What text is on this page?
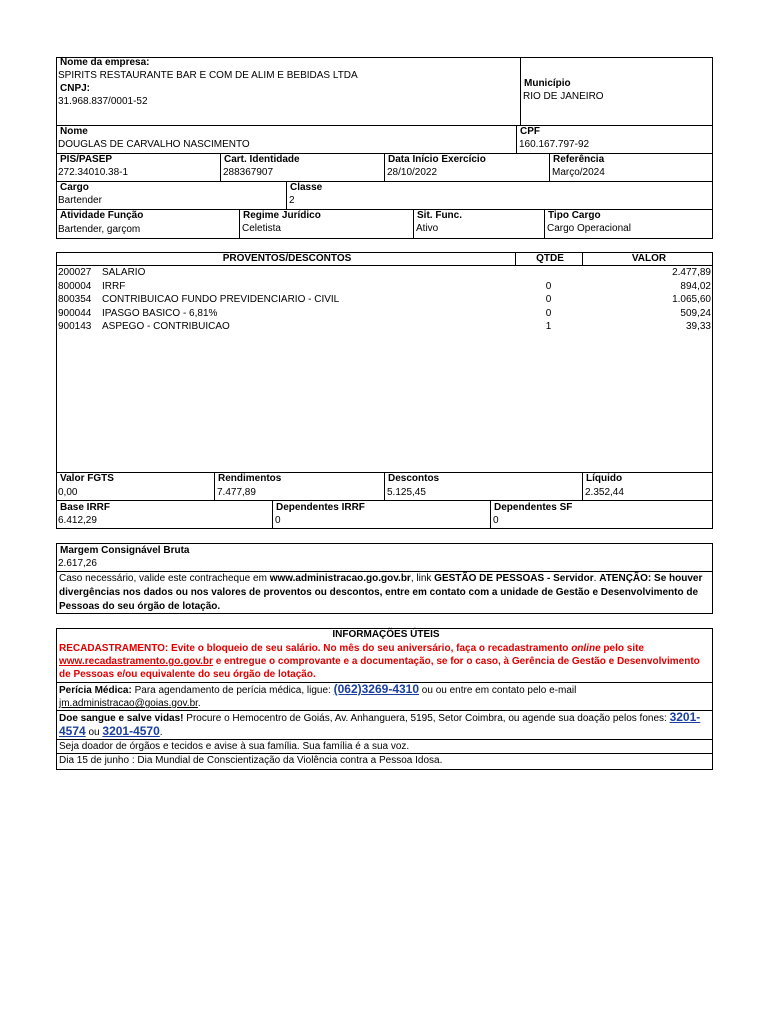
Nome da empresa:
SPIRITS RESTAURANTE BAR E COM DE ALIM E BEBIDAS LTDA
CNPJ:
31.968.837/0001-52
Município
RIO DE JANEIRO
Nome
DOUGLAS DE CARVALHO NASCIMENTO
CPF
160.167.797-92
PIS/PASEP
272.34010.38-1
Cart. Identidade
288367907
Data Início Exercício
28/10/2022
Referência
Março/2024
Cargo
Bartender
Classe
2
Atividade Função
Bartender, garçom
Regime Jurídico
Celetista
Sit. Func.
Ativo
Tipo Cargo
Cargo Operacional
PROVENTOS/DESCONTOS	QTDE	VALOR
200027	SALARIO		2.477,89
800004	IRRF	0	894,02
800354	CONTRIBUICAO FUNDO PREVIDENCIARIO - CIVIL	0	1.065,60
900044	IPASGO BASICO - 6,81%	0	509,24
900143	ASPEGO - CONTRIBUICAO	1	39,33
Valor FGTS
0,00
Rendimentos
7.477,89
Descontos
5.125,45
Líquido
2.352,44
Base IRRF
6.412,29
Dependentes IRRF
0
Dependentes SF
0
Margem Consignável Bruta
2.617,26
Caso necessário, valide este contracheque em www.administracao.go.gov.br, link GESTÃO DE PESSOAS - Servidor. ATENÇÃO: Se houver divergências nos dados ou nos valores de proventos ou descontos, entre em contato com a unidade de Gestão e Desenvolvimento de Pessoas do seu órgão de lotação.
INFORMAÇÕES ÚTEIS
RECADASTRAMENTO: Evite o bloqueio de seu salário. No mês do seu aniversário, faça o recadastramento online pelo site www.recadastramento.go.gov.br e entregue o comprovante e a documentação, se for o caso, à Gerência de Gestão e Desenvolvimento de Pessoas e/ou equivalente do seu órgão de lotação.
Perícia Médica: Para agendamento de perícia médica, ligue: (062)3269-4310 ou ou entre em contato pelo e-mail jm.administracao@goias.gov.br.
Doe sangue e salve vidas! Procure o Hemocentro de Goiás, Av. Anhanguera, 5195, Setor Coimbra, ou agende sua doação pelos fones: 3201-4574 ou 3201-4570.
Seja doador de órgãos e tecidos e avise à sua família. Sua família é a sua voz.
Dia 15 de junho : Dia Mundial de Conscientização da Violência contra a Pessoa Idosa.
